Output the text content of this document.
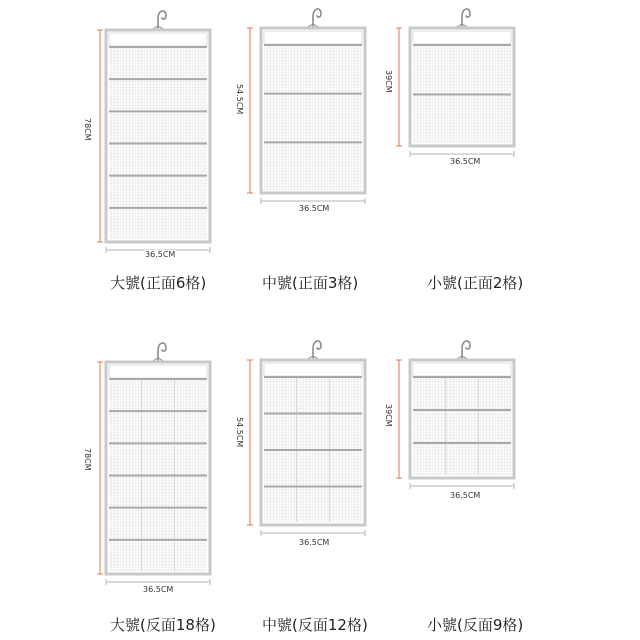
78CM
36.5CM
大號(正面6格)
54.5CM
36.5CM
中號(正面3格)
39CM
36.5CM
小號(正面2格)
78CM
36.5CM
大號(反面18格)
54.5CM
36.5CM
中號(反面12格)
39CM
36.5CM
小號(反面9格)
